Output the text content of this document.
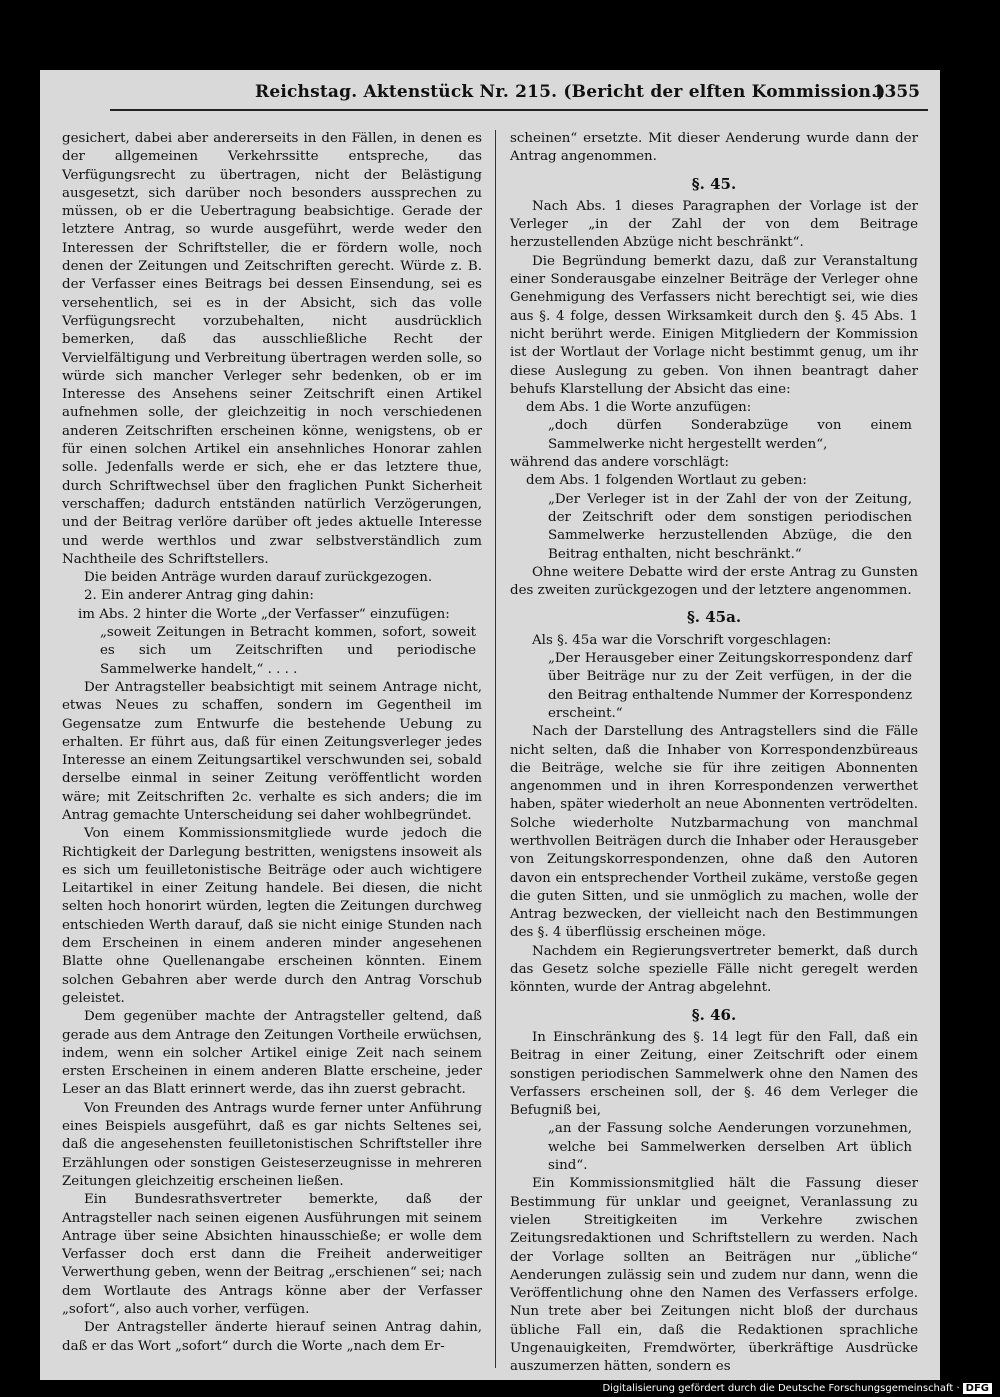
Reichstag. Aktenstück Nr. 215. (Bericht der elften Kommission.)
1355

gesichert, dabei aber andererseits in den Fällen, in denen es der allgemeinen Verkehrssitte entspreche, das Verfügungsrecht zu übertragen, nicht der Belästigung ausgesetzt, sich darüber noch besonders aussprechen zu müssen, ob er die Uebertragung beabsichtige. Gerade der letztere Antrag, so wurde ausgeführt, werde weder den Interessen der Schriftsteller, die er fördern wolle, noch denen der Zeitungen und Zeitschriften gerecht. Würde z. B. der Verfasser eines Beitrags bei dessen Einsendung, sei es versehentlich, sei es in der Absicht, sich das volle Verfügungsrecht vorzubehalten, nicht ausdrücklich bemerken, daß das ausschließliche Recht der Vervielfältigung und Verbreitung übertragen werden solle, so würde sich mancher Verleger sehr bedenken, ob er im Interesse des Ansehens seiner Zeitschrift einen Artikel aufnehmen solle, der gleichzeitig in noch verschiedenen anderen Zeitschriften erscheinen könne, wenigstens, ob er für einen solchen Artikel ein ansehnliches Honorar zahlen solle. Jedenfalls werde er sich, ehe er das letztere thue, durch Schriftwechsel über den fraglichen Punkt Sicherheit verschaffen; dadurch entständen natürlich Verzögerungen, und der Beitrag verlöre darüber oft jedes aktuelle Interesse und werde werthlos und zwar selbstverständlich zum Nachtheile des Schriftstellers.

Die beiden Anträge wurden darauf zurückgezogen.

2. Ein anderer Antrag ging dahin:

im Abs. 2 hinter die Worte „der Verfasser“ einzufügen:

„soweit Zeitungen in Betracht kommen, sofort, soweit es sich um Zeitschriften und periodische Sammelwerke handelt,“ . . . .

Der Antragsteller beabsichtigt mit seinem Antrage nicht, etwas Neues zu schaffen, sondern im Gegentheil im Gegensatze zum Entwurfe die bestehende Uebung zu erhalten. Er führt aus, daß für einen Zeitungsverleger jedes Interesse an einem Zeitungsartikel verschwunden sei, sobald derselbe einmal in seiner Zeitung veröffentlicht worden wäre; mit Zeitschriften 2c. verhalte es sich anders; die im Antrag gemachte Unterscheidung sei daher wohlbegründet.

Von einem Kommissionsmitgliede wurde jedoch die Richtigkeit der Darlegung bestritten, wenigstens insoweit als es sich um feuilletonistische Beiträge oder auch wichtigere Leitartikel in einer Zeitung handele. Bei diesen, die nicht selten hoch honorirt würden, legten die Zeitungen durchweg entschieden Werth darauf, daß sie nicht einige Stunden nach dem Erscheinen in einem anderen minder angesehenen Blatte ohne Quellenangabe erscheinen könnten. Einem solchen Gebahren aber werde durch den Antrag Vorschub geleistet.

Dem gegenüber machte der Antragsteller geltend, daß gerade aus dem Antrage den Zeitungen Vortheile erwüchsen, indem, wenn ein solcher Artikel einige Zeit nach seinem ersten Erscheinen in einem anderen Blatte erscheine, jeder Leser an das Blatt erinnert werde, das ihn zuerst gebracht.

Von Freunden des Antrags wurde ferner unter Anführung eines Beispiels ausgeführt, daß es gar nichts Seltenes sei, daß die angesehensten feuilletonistischen Schriftsteller ihre Erzählungen oder sonstigen Geisteserzeugnisse in mehreren Zeitungen gleichzeitig erscheinen ließen.

Ein Bundesrathsvertreter bemerkte, daß der Antragsteller nach seinen eigenen Ausführungen mit seinem Antrage über seine Absichten hinausschieße; er wolle dem Verfasser doch erst dann die Freiheit anderweitiger Verwerthung geben, wenn der Beitrag „erschienen“ sei; nach dem Wortlaute des Antrags könne aber der Verfasser „sofort“, also auch vorher, verfügen.

Der Antragsteller änderte hierauf seinen Antrag dahin, daß er das Wort „sofort“ durch die Worte „nach dem Er-

scheinen“ ersetzte. Mit dieser Aenderung wurde dann der Antrag angenommen.

§. 45.

Nach Abs. 1 dieses Paragraphen der Vorlage ist der Verleger „in der Zahl der von dem Beitrage herzustellenden Abzüge nicht beschränkt“.

Die Begründung bemerkt dazu, daß zur Veranstaltung einer Sonderausgabe einzelner Beiträge der Verleger ohne Genehmigung des Verfassers nicht berechtigt sei, wie dies aus §. 4 folge, dessen Wirksamkeit durch den §. 45 Abs. 1 nicht berührt werde. Einigen Mitgliedern der Kommission ist der Wortlaut der Vorlage nicht bestimmt genug, um ihr diese Auslegung zu geben. Von ihnen beantragt daher behufs Klarstellung der Absicht das eine:

dem Abs. 1 die Worte anzufügen:

„doch dürfen Sonderabzüge von einem Sammelwerke nicht hergestellt werden“,

während das andere vorschlägt:

dem Abs. 1 folgenden Wortlaut zu geben:

„Der Verleger ist in der Zahl der von der Zeitung, der Zeitschrift oder dem sonstigen periodischen Sammelwerke herzustellenden Abzüge, die den Beitrag enthalten, nicht beschränkt.“

Ohne weitere Debatte wird der erste Antrag zu Gunsten des zweiten zurückgezogen und der letztere angenommen.

§. 45a.

Als §. 45a war die Vorschrift vorgeschlagen:

„Der Herausgeber einer Zeitungskorrespondenz darf über Beiträge nur zu der Zeit verfügen, in der die den Beitrag enthaltende Nummer der Korrespondenz erscheint.“

Nach der Darstellung des Antragstellers sind die Fälle nicht selten, daß die Inhaber von Korrespondenzbüreaus die Beiträge, welche sie für ihre zeitigen Abonnenten angenommen und in ihren Korrespondenzen verwerthet haben, später wiederholt an neue Abonnenten vertrödelten. Solche wiederholte Nutzbarmachung von manchmal werthvollen Beiträgen durch die Inhaber oder Herausgeber von Zeitungskorrespondenzen, ohne daß den Autoren davon ein entsprechender Vortheil zukäme, verstoße gegen die guten Sitten, und sie unmöglich zu machen, wolle der Antrag bezwecken, der vielleicht nach den Bestimmungen des §. 4 überflüssig erscheinen möge.

Nachdem ein Regierungsvertreter bemerkt, daß durch das Gesetz solche spezielle Fälle nicht geregelt werden könnten, wurde der Antrag abgelehnt.

§. 46.

In Einschränkung des §. 14 legt für den Fall, daß ein Beitrag in einer Zeitung, einer Zeitschrift oder einem sonstigen periodischen Sammelwerk ohne den Namen des Verfassers erscheinen soll, der §. 46 dem Verleger die Befugniß bei,

„an der Fassung solche Aenderungen vorzunehmen, welche bei Sammelwerken derselben Art üblich sind“.

Ein Kommissionsmitglied hält die Fassung dieser Bestimmung für unklar und geeignet, Veranlassung zu vielen Streitigkeiten im Verkehre zwischen Zeitungsredaktionen und Schriftstellern zu werden. Nach der Vorlage sollten an Beiträgen nur „übliche“ Aenderungen zulässig sein und zudem nur dann, wenn die Veröffentlichung ohne den Namen des Verfassers erfolge. Nun trete aber bei Zeitungen nicht bloß der durchaus übliche Fall ein, daß die Redaktionen sprachliche Ungenauigkeiten, Fremdwörter, überkräftige Ausdrücke auszumerzen hätten, sondern es

Digitalisierung gefördert durch die Deutsche Forschungsgemeinschaft · DFG
